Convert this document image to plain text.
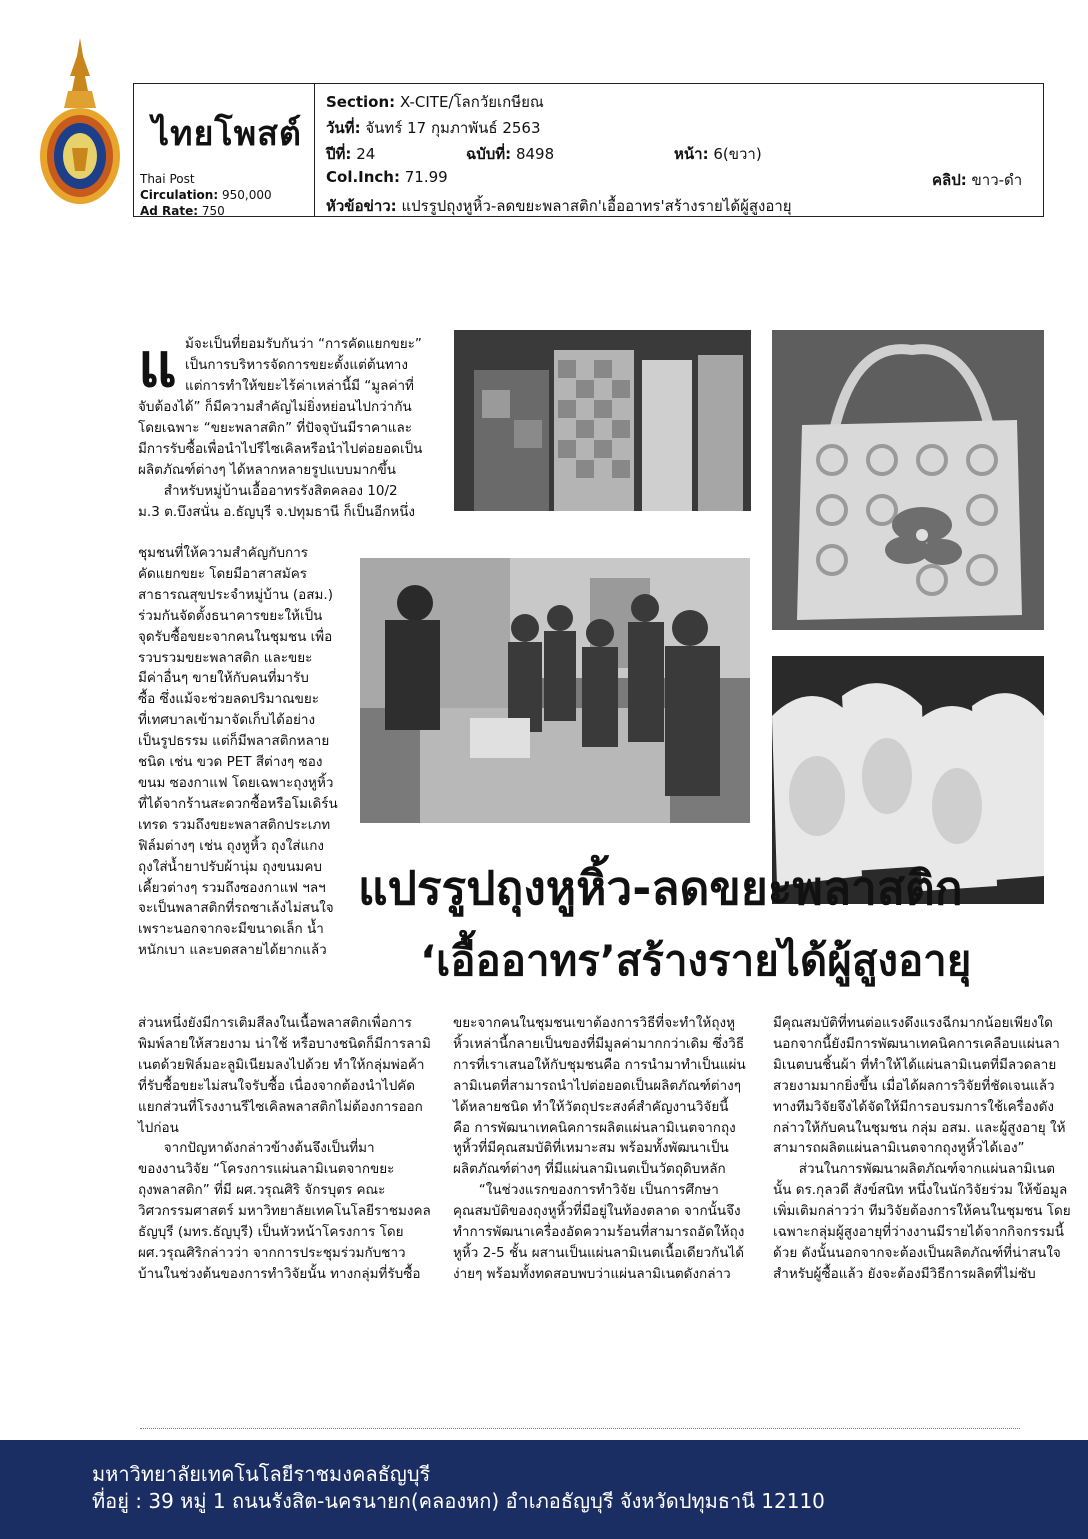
ไทยโพสต์
Thai Post
Circulation: 950,000
Ad Rate: 750
Section: X-CITE/โลกวัยเกษียณ
วันที่: จันทร์ 17 กุมภาพันธ์ 2563
ปีที่: 24	ฉบับที่: 8498	หน้า: 6(ขวา)
Col.Inch: 71.99	คลิป: ขาว-ดำ
หัวข้อข่าว: แปรรูปถุงหูหิ้ว-ลดขยะพลาสติก'เอื้ออาทร'สร้างรายได้ผู้สูงอายุ
แ ม้จะเป็นที่ยอมรับกันว่า “การคัดแยกขยะ”

เป็นการบริหารจัดการขยะตั้งแต่ต้นทาง

แต่การทำให้ขยะไร้ค่าเหล่านี้มี “มูลค่าที่

จับต้องได้” ก็มีความสำคัญไม่ยิ่งหย่อนไปกว่ากัน

โดยเฉพาะ “ขยะพลาสติก” ที่ปัจจุบันมีราคาและ

มีการรับซื้อเพื่อนำไปรีไซเคิลหรือนำไปต่อยอดเป็น

ผลิตภัณฑ์ต่างๆ ได้หลากหลายรูปแบบมากขึ้น

สำหรับหมู่บ้านเอื้ออาทรรังสิตคลอง 10/2

ม.3 ต.บึงสนั่น อ.ธัญบุรี จ.ปทุมธานี ก็เป็นอีกหนึ่ง

ชุมชนที่ให้ความสำคัญกับการ

คัดแยกขยะ โดยมีอาสาสมัคร

สาธารณสุขประจำหมู่บ้าน (อสม.)

ร่วมกันจัดตั้งธนาคารขยะให้เป็น

จุดรับซื้อขยะจากคนในชุมชน เพื่อ

รวบรวมขยะพลาสติก และขยะ

มีค่าอื่นๆ ขายให้กับคนที่มารับ

ซื้อ ซึ่งแม้จะช่วยลดปริมาณขยะ

ที่เทศบาลเข้ามาจัดเก็บได้อย่าง

เป็นรูปธรรม แต่ก็มีพลาสติกหลาย

ชนิด เช่น ขวด PET สีต่างๆ ซอง

ขนม ซองกาแฟ โดยเฉพาะถุงหูหิ้ว

ที่ได้จากร้านสะดวกซื้อหรือโมเดิร์น

เทรด รวมถึงขยะพลาสติกประเภท

ฟิล์มต่างๆ เช่น ถุงหูหิ้ว ถุงใส่แกง

ถุงใส่น้ำยาปรับผ้านุ่ม ถุงขนมคบ

เคี้ยวต่างๆ รวมถึงซองกาแฟ ฯลฯ

จะเป็นพลาสติกที่รถซาเล้งไม่สนใจ

เพราะนอกจากจะมีขนาดเล็ก น้ำ

หนักเบา และบดสลายได้ยากแล้ว

ส่วนหนึ่งยังมีการเติมสีลงในเนื้อพลาสติกเพื่อการ

พิมพ์ลายให้สวยงาม น่าใช้ หรือบางชนิดก็มีการลามิ

เนตด้วยฟิล์มอะลูมิเนียมลงไปด้วย ทำให้กลุ่มพ่อค้า

ที่รับซื้อขยะไม่สนใจรับซื้อ เนื่องจากต้องนำไปคัด

แยกส่วนที่โรงงานรีไซเคิลพลาสติกไม่ต้องการออก

ไปก่อน

จากปัญหาดังกล่าวข้างต้นจึงเป็นที่มา

ของงานวิจัย “โครงการแผ่นลามิเนตจากขยะ

ถุงพลาสติก” ที่มี ผศ.วรุณศิริ จักรบุตร คณะ

วิศวกรรมศาสตร์ มหาวิทยาลัยเทคโนโลยีราชมงคล

ธัญบุรี (มทร.ธัญบุรี) เป็นหัวหน้าโครงการ โดย

ผศ.วรุณศิริกล่าวว่า จากการประชุมร่วมกับชาว

บ้านในช่วงต้นของการทำวิจัยนั้น ทางกลุ่มที่รับซื้อ

ขยะจากคนในชุมชนเขาต้องการวิธีที่จะทำให้ถุงหู

หิ้วเหล่านี้กลายเป็นของที่มีมูลค่ามากกว่าเดิม ซึ่งวิธี

การที่เราเสนอให้กับชุมชนคือ การนำมาทำเป็นแผ่น

ลามิเนตที่สามารถนำไปต่อยอดเป็นผลิตภัณฑ์ต่างๆ

ได้หลายชนิด ทำให้วัตถุประสงค์สำคัญงานวิจัยนี้

คือ การพัฒนาเทคนิคการผลิตแผ่นลามิเนตจากถุง

หูหิ้วที่มีคุณสมบัติที่เหมาะสม พร้อมทั้งพัฒนาเป็น

ผลิตภัณฑ์ต่างๆ ที่มีแผ่นลามิเนตเป็นวัตถุดิบหลัก

“ในช่วงแรกของการทำวิจัย เป็นการศึกษา

คุณสมบัติของถุงหูหิ้วที่มีอยู่ในท้องตลาด จากนั้นจึง

ทำการพัฒนาเครื่องอัดความร้อนที่สามารถอัดให้ถุง

หูหิ้ว 2-5 ชั้น ผสานเป็นแผ่นลามิเนตเนื้อเดียวกันได้

ง่ายๆ พร้อมทั้งทดสอบพบว่าแผ่นลามิเนตดังกล่าว

มีคุณสมบัติที่ทนต่อแรงดึงแรงฉีกมากน้อยเพียงใด

นอกจากนี้ยังมีการพัฒนาเทคนิคการเคลือบแผ่นลา

มิเนตบนชิ้นผ้า ที่ทำให้ได้แผ่นลามิเนตที่มีลวดลาย

สวยงามมากยิ่งขึ้น เมื่อได้ผลการวิจัยที่ชัดเจนแล้ว

ทางทีมวิจัยจึงได้จัดให้มีการอบรมการใช้เครื่องดัง

กล่าวให้กับคนในชุมชน กลุ่ม อสม. และผู้สูงอายุ ให้

สามารถผลิตแผ่นลามิเนตจากถุงหูหิ้วได้เอง”

ส่วนในการพัฒนาผลิตภัณฑ์จากแผ่นลามิเนต

นั้น ดร.กุลวดี สังข์สนิท หนึ่งในนักวิจัยร่วม ให้ข้อมูล

เพิ่มเติมกล่าวว่า ทีมวิจัยต้องการให้คนในชุมชน โดย

เฉพาะกลุ่มผู้สูงอายุที่ว่างงานมีรายได้จากกิจกรรมนี้

ด้วย ดังนั้นนอกจากจะต้องเป็นผลิตภัณฑ์ที่น่าสนใจ

สำหรับผู้ซื้อแล้ว ยังจะต้องมีวิธีการผลิตที่ไม่ซับ

แปรรูปถุงหูหิ้ว-ลดขยะพลาสติก
‘เอื้ออาทร’สร้างรายได้ผู้สูงอายุ
มหาวิทยาลัยเทคโนโลยีราชมงคลธัญบุรี
ที่อยู่ : 39 หมู่ 1 ถนนรังสิต-นครนายก(คลองหก) อำเภอธัญบุรี จังหวัดปทุมธานี 12110
